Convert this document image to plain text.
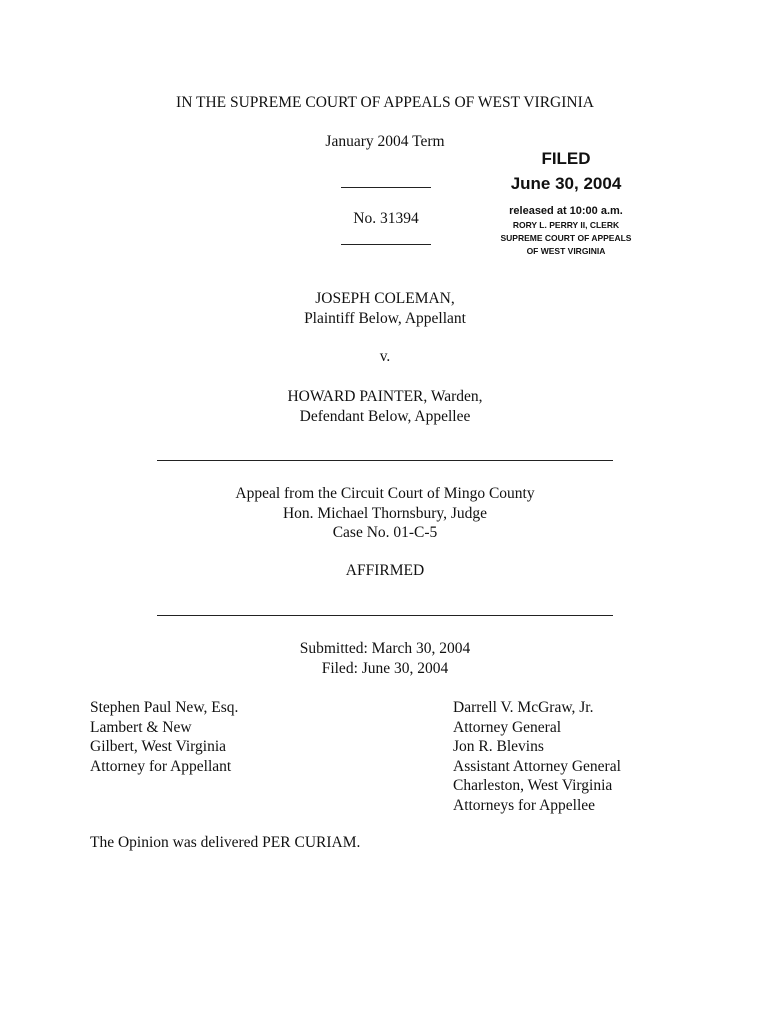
IN THE SUPREME COURT OF APPEALS OF WEST VIRGINIA
January 2004 Term
No. 31394
FILED
June 30, 2004
released at 10:00 a.m.
RORY L. PERRY II, CLERK
SUPREME COURT OF APPEALS
OF WEST VIRGINIA
JOSEPH COLEMAN,
Plaintiff Below, Appellant
v.
HOWARD PAINTER, Warden,
Defendant Below, Appellee
Appeal from the Circuit Court of Mingo County
Hon. Michael Thornsbury, Judge
Case No. 01-C-5
AFFIRMED
Submitted: March 30, 2004
Filed: June 30, 2004
Stephen Paul New, Esq.
Lambert & New
Gilbert, West Virginia
Attorney for Appellant
Darrell V. McGraw, Jr.
Attorney General
Jon R. Blevins
Assistant Attorney General
Charleston, West Virginia
Attorneys for Appellee
The Opinion was delivered PER CURIAM.
